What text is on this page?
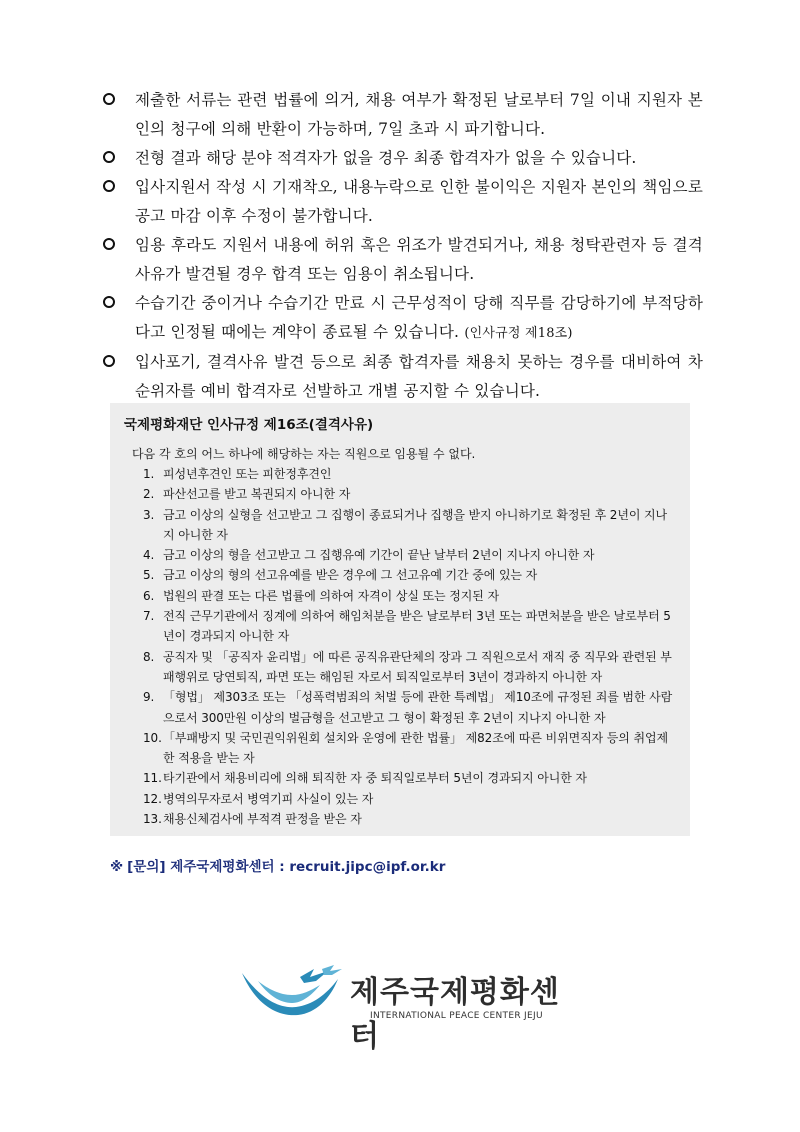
제출한 서류는 관련 법률에 의거, 채용 여부가 확정된 날로부터 7일 이내 지원자 본인의 청구에 의해 반환이 가능하며, 7일 초과 시 파기합니다.
전형 결과 해당 분야 적격자가 없을 경우 최종 합격자가 없을 수 있습니다.
입사지원서 작성 시 기재착오, 내용누락으로 인한 불이익은 지원자 본인의 책임으로 공고 마감 이후 수정이 불가합니다.
임용 후라도 지원서 내용에 허위 혹은 위조가 발견되거나, 채용 청탁관련자 등 결격사유가 발견될 경우 합격 또는 임용이 취소됩니다.
수습기간 중이거나 수습기간 만료 시 근무성적이 당해 직무를 감당하기에 부적당하다고 인정될 때에는 계약이 종료될 수 있습니다. (인사규정 제18조)
입사포기, 결격사유 발견 등으로 최종 합격자를 채용치 못하는 경우를 대비하여 차순위자를 예비 합격자로 선발하고 개별 공지할 수 있습니다.
국제평화재단 인사규정 제16조(결격사유)
다음 각 호의 어느 하나에 해당하는 자는 직원으로 임용될 수 없다.
1. 피성년후견인 또는 피한정후견인
2. 파산선고를 받고 복권되지 아니한 자
3. 금고 이상의 실형을 선고받고 그 집행이 종료되거나 집행을 받지 아니하기로 확정된 후 2년이 지나지 아니한 자
4. 금고 이상의 형을 선고받고 그 집행유예 기간이 끝난 날부터 2년이 지나지 아니한 자
5. 금고 이상의 형의 선고유예를 받은 경우에 그 선고유예 기간 중에 있는 자
6. 법원의 판결 또는 다른 법률에 의하여 자격이 상실 또는 정지된 자
7. 전직 근무기관에서 징계에 의하여 해임처분을 받은 날로부터 3년 또는 파면처분을 받은 날로부터 5년이 경과되지 아니한 자
8. 공직자 및 「공직자 윤리법」에 따른 공직유관단체의 장과 그 직원으로서 재직 중 직무와 관련된 부패행위로 당연퇴직, 파면 또는 해임된 자로서 퇴직일로부터 3년이 경과하지 아니한 자
9. 「형법」 제303조 또는 「성폭력범죄의 처벌 등에 관한 특례법」 제10조에 규정된 죄를 범한 사람으로서 300만원 이상의 벌금형을 선고받고 그 형이 확정된 후 2년이 지나지 아니한 자
10. 「부패방지 및 국민권익위원회 설치와 운영에 관한 법률」 제82조에 따른 비위면직자 등의 취업제한 적용을 받는 자
11. 타기관에서 채용비리에 의해 퇴직한 자 중 퇴직일로부터 5년이 경과되지 아니한 자
12. 병역의무자로서 병역기피 사실이 있는 자
13. 채용신체검사에 부적격 판정을 받은 자
※ [문의] 제주국제평화센터 : recruit.jipc@ipf.or.kr
제주국제평화센터
INTERNATIONAL PEACE CENTER JEJU
